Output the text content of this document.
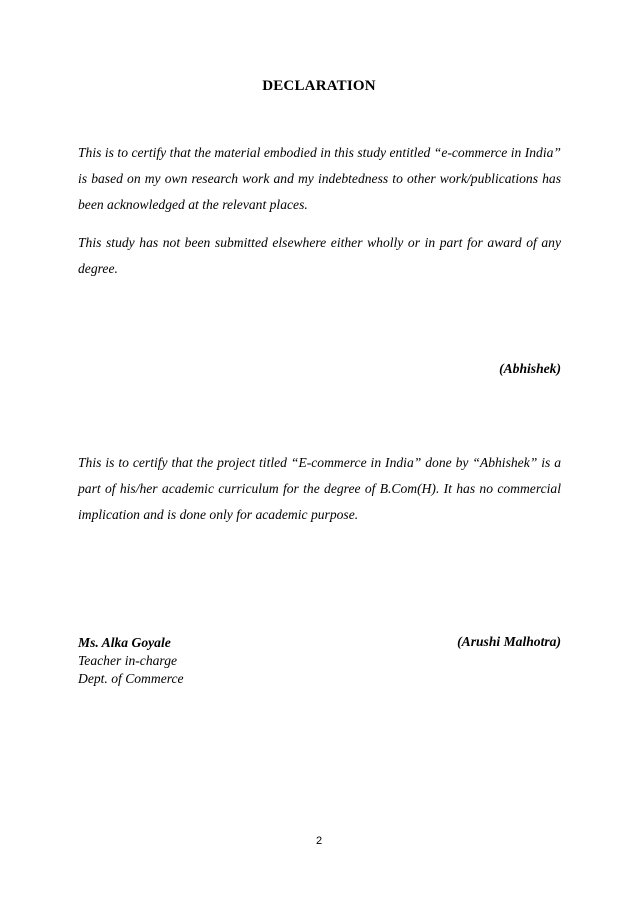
DECLARATION

This is to certify that the material embodied in this study entitled “e-commerce in India” is based on my own research work and my indebtedness to other work/publications has been acknowledged at the relevant places.

This study has not been submitted elsewhere either wholly or in part for award of any degree.

(Abhishek)

This is to certify that the project titled “E-commerce in India” done by “Abhishek” is a part of his/her academic curriculum for the degree of B.Com(H). It has no commercial implication and is done only for academic purpose.

Ms. Alka Goyale
Teacher in-charge
Dept. of Commerce
(Arushi Malhotra)
2
